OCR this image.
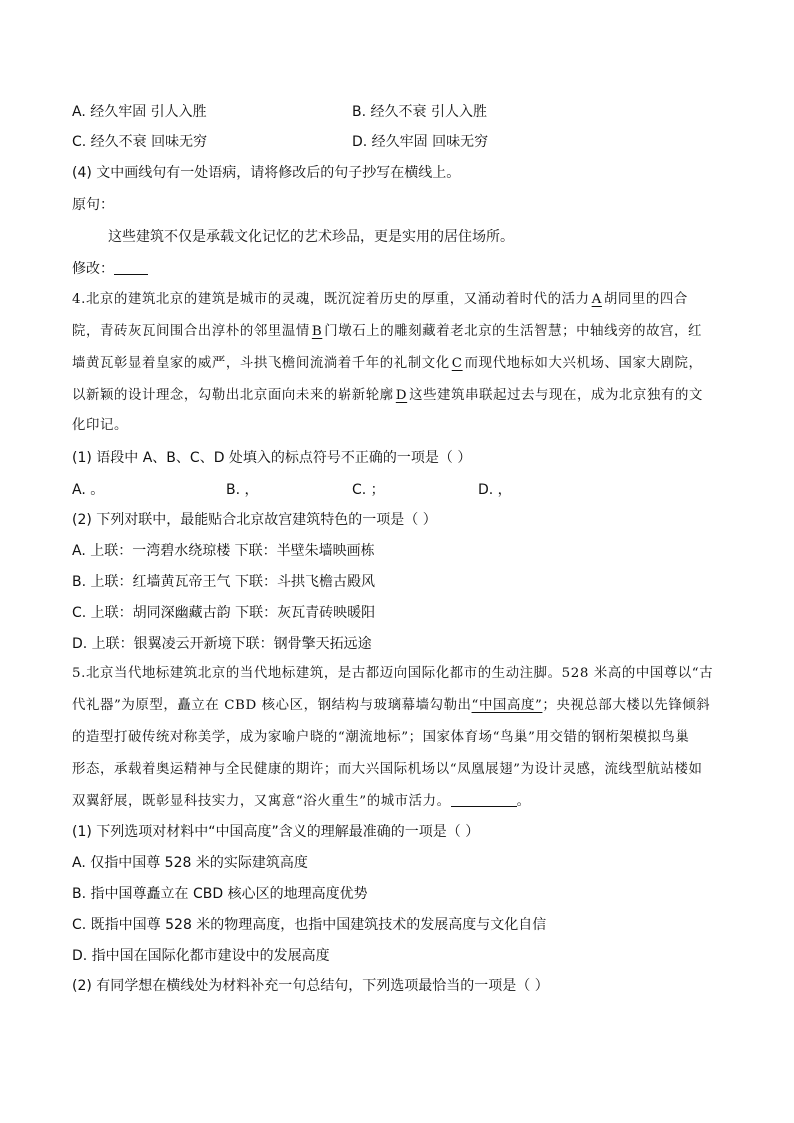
A. 经久牢固 引人入胜	B. 经久不衰 引人入胜
C. 经久不衰 回味无穷	D. 经久牢固 回味无穷
(4) 文中画线句有一处语病，请将修改后的句子抄写在横线上。
原句：
这些建筑不仅是承载文化记忆的艺术珍品，更是实用的居住场所。
修改：
4.北京的建筑北京的建筑是城市的灵魂，既沉淀着历史的厚重，又涌动着时代的活力 A 胡同里的四合
院，青砖灰瓦间围合出淳朴的邻里温情 B 门墩石上的雕刻藏着老北京的生活智慧；中轴线旁的故宫，红
墙黄瓦彰显着皇家的威严，斗拱飞檐间流淌着千年的礼制文化 C 而现代地标如大兴机场、国家大剧院，
以新颖的设计理念，勾勒出北京面向未来的崭新轮廓 D 这些建筑串联起过去与现在，成为北京独有的文
化印记。
(1) 语段中 A、B、C、D 处填入的标点符号不正确的一项是（ ）
A. 。	B. ，	C. ；	D. ，
(2) 下列对联中，最能贴合北京故宫建筑特色的一项是（ ）
A. 上联：一湾碧水绕琼楼 下联：半壁朱墙映画栋
B. 上联：红墙黄瓦帝王气 下联：斗拱飞檐古殿风
C. 上联：胡同深幽藏古韵 下联：灰瓦青砖映暖阳
D. 上联：银翼凌云开新境下联：钢骨擎天拓远途
5.北京当代地标建筑北京的当代地标建筑，是古都迈向国际化都市的生动注脚。528 米高的中国尊以“古
代礼器”为原型，矗立在 CBD 核心区，钢结构与玻璃幕墙勾勒出“中国高度”；央视总部大楼以先锋倾斜
的造型打破传统对称美学，成为家喻户晓的“潮流地标”；国家体育场“鸟巢”用交错的钢桁架模拟鸟巢
形态，承载着奥运精神与全民健康的期许；而大兴国际机场以“凤凰展翅”为设计灵感，流线型航站楼如
双翼舒展，既彰显科技实力，又寓意“浴火重生”的城市活力。	。
(1) 下列选项对材料中“中国高度”含义的理解最准确的一项是（ ）
A. 仅指中国尊 528 米的实际建筑高度
B. 指中国尊矗立在 CBD 核心区的地理高度优势
C. 既指中国尊 528 米的物理高度，也指中国建筑技术的发展高度与文化自信
D. 指中国在国际化都市建设中的发展高度
(2) 有同学想在横线处为材料补充一句总结句，下列选项最恰当的一项是（ ）
